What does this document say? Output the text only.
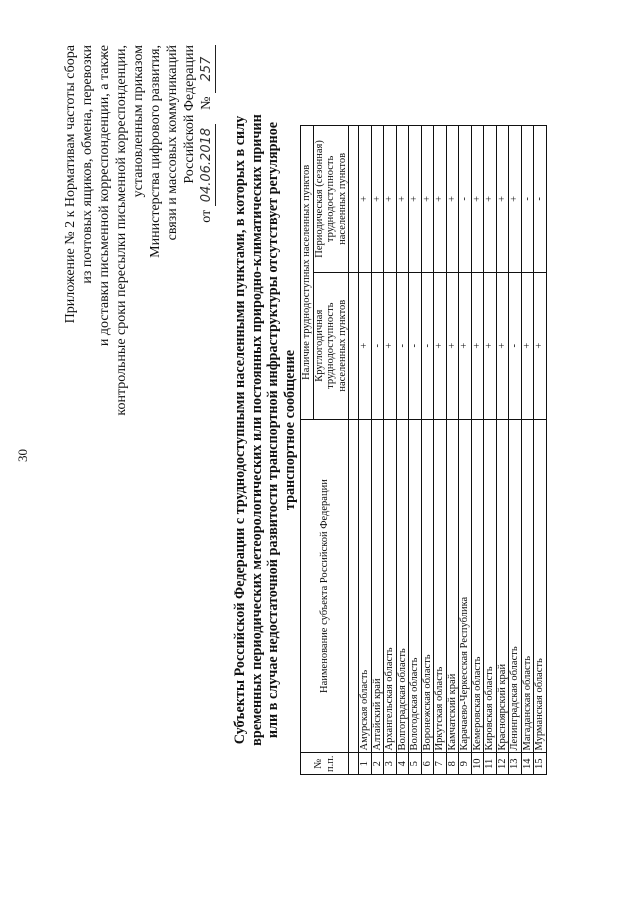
30
Приложение № 2 к Нормативам частоты сбора из почтовых ящиков, обмена, перевозки и доставки письменной корреспонденции, а также контрольные сроки пересылки письменной корреспонденции, установленным приказом Министерства цифрового развития, связи и массовых коммуникаций Российской Федерации
от 04.06.2018    № 257
Субъекты Российской Федерации с труднодоступными населенными пунктами, в которых в силу временных периодических метеорологических или постоянных природно-климатических причин или в случае недостаточной развитости транспортной инфраструктуры отсутствует регулярное транспортное сообщение
№
п.п.	Наименование субъекта Российской Федерации	Наличие труднодоступных населенных пунктов	
		Круглогодичная труднодоступность населенных пунктов	Периодическая (сезонная) труднодоступность населенных пунктов

1	Амурская область	+	+
2	Алтайский край	-	+
3	Архангельская область	+	+
4	Волгоградская область	-	+
5	Вологодская область	-	+
6	Воронежская область	-	+
7	Иркутская область	+	+
8	Камчатский край	+	+
9	Карачаево-Черкесская Республика	+	-
10	Кемеровская область	+	+
11	Кировская область	+	+
12	Красноярский край	+	+
13	Ленинградская область	-	+
14	Магаданская область	+	-
15	Мурманская область	+	-
